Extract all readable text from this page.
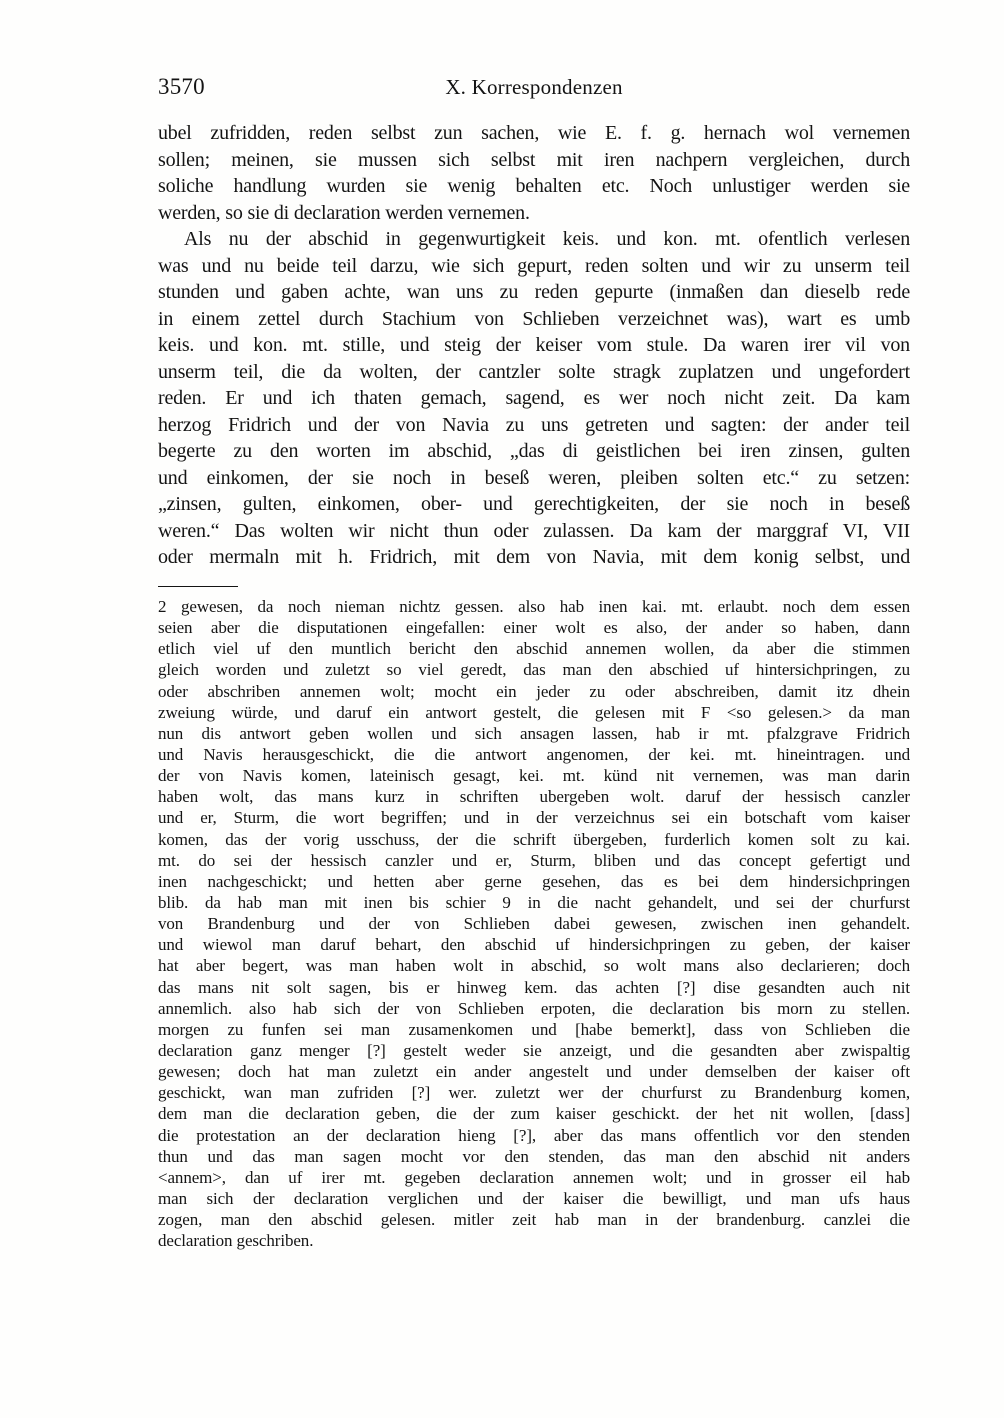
3570	X. Korrespondenzen
ubel zufridden, reden selbst zun sachen, wie E. f. g. hernach wol vernemen
sollen; meinen, sie mussen sich selbst mit iren nachpern vergleichen, durch
soliche handlung wurden sie wenig behalten etc. Noch unlustiger werden sie
werden, so sie di declaration werden vernemen.
Als nu der abschid in gegenwurtigkeit keis. und kon. mt. ofentlich verlesen
was und nu beide teil darzu, wie sich gepurt, reden solten und wir zu unserm teil
stunden und gaben achte, wan uns zu reden gepurte (inmaßen dan dieselb rede
in einem zettel durch Stachium von Schlieben verzeichnet was), wart es umb
keis. und kon. mt. stille, und steig der keiser vom stule. Da waren irer vil von
unserm teil, die da wolten, der cantzler solte stragk zuplatzen und ungefordert
reden. Er und ich thaten gemach, sagend, es wer noch nicht zeit. Da kam
herzog Fridrich und der von Navia zu uns getreten und sagten: der ander teil
begerte zu den worten im abschid, „das di geistlichen bei iren zinsen, gulten
und einkomen, der sie noch in beseß weren, pleiben solten etc.“ zu setzen:
„zinsen, gulten, einkomen, ober- und gerechtigkeiten, der sie noch in beseß
weren.“ Das wolten wir nicht thun oder zulassen. Da kam der marggraf VI, VII
oder mermaln mit h. Fridrich, mit dem von Navia, mit dem konig selbst, und
2 gewesen, da noch nieman nichtz gessen. also hab inen kai. mt. erlaubt. noch dem essen
seien aber die disputationen eingefallen: einer wolt es also, der ander so haben, dann
etlich viel uf den muntlich bericht den abschid annemen wollen, da aber die stimmen
gleich worden und zuletzt so viel geredt, das man den abschied uf hintersichpringen, zu
oder abschriben annemen wolt; mocht ein jeder zu oder abschreiben, damit itz dhein
zweiung würde, und daruf ein antwort gestelt, die gelesen mit F <so gelesen.> da man
nun dis antwort geben wollen und sich ansagen lassen, hab ir mt. pfalzgrave Fridrich
und Navis herausgeschickt, die die antwort angenomen, der kei. mt. hineintragen. und
der von Navis komen, lateinisch gesagt, kei. mt. künd nit vernemen, was man darin
haben wolt, das mans kurz in schriften ubergeben wolt. daruf der hessisch canzler
und er, Sturm, die wort begriffen; und in der verzeichnus sei ein botschaft vom kaiser
komen, das der vorig usschuss, der die schrift übergeben, furderlich komen solt zu kai.
mt. do sei der hessisch canzler und er, Sturm, bliben und das concept gefertigt und
inen nachgeschickt; und hetten aber gerne gesehen, das es bei dem hindersichpringen
blib. da hab man mit inen bis schier 9 in die nacht gehandelt, und sei der churfurst
von Brandenburg und der von Schlieben dabei gewesen, zwischen inen gehandelt.
und wiewol man daruf behart, den abschid uf hindersichpringen zu geben, der kaiser
hat aber begert, was man haben wolt in abschid, so wolt mans also declarieren; doch
das mans nit solt sagen, bis er hinweg kem. das achten [?] dise gesandten auch nit
annemlich. also hab sich der von Schlieben erpoten, die declaration bis morn zu stellen.
morgen zu funfen sei man zusamenkomen und [habe bemerkt], dass von Schlieben die
declaration ganz menger [?] gestelt weder sie anzeigt, und die gesandten aber zwispaltig
gewesen; doch hat man zuletzt ein ander angestelt und under demselben der kaiser oft
geschickt, wan man zufriden [?] wer. zuletzt wer der churfurst zu Brandenburg komen,
dem man die declaration geben, die der zum kaiser geschickt. der het nit wollen, [dass]
die protestation an der declaration hieng [?], aber das mans offentlich vor den stenden
thun und das man sagen mocht vor den stenden, das man den abschid nit anders
<annem>, dan uf irer mt. gegeben declaration annemen wolt; und in grosser eil hab
man sich der declaration verglichen und der kaiser die bewilligt, und man ufs haus
zogen, man den abschid gelesen. mitler zeit hab man in der brandenburg. canzlei die
declaration geschriben.
